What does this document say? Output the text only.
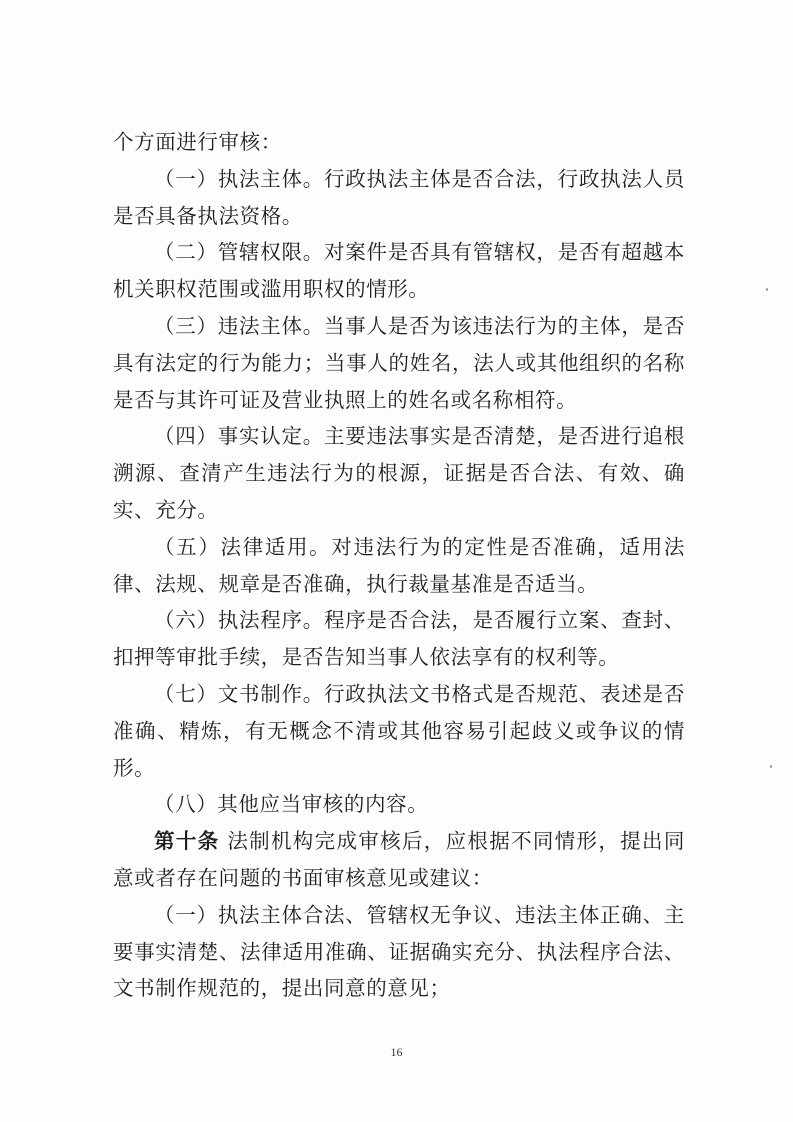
个方面进行审核：

（一）执法主体。行政执法主体是否合法，行政执法人员是否具备执法资格。

（二）管辖权限。对案件是否具有管辖权，是否有超越本机关职权范围或滥用职权的情形。

（三）违法主体。当事人是否为该违法行为的主体，是否具有法定的行为能力；当事人的姓名，法人或其他组织的名称是否与其许可证及营业执照上的姓名或名称相符。

（四）事实认定。主要违法事实是否清楚，是否进行追根溯源、查清产生违法行为的根源，证据是否合法、有效、确实、充分。

（五）法律适用。对违法行为的定性是否准确，适用法律、法规、规章是否准确，执行裁量基准是否适当。

（六）执法程序。程序是否合法，是否履行立案、查封、扣押等审批手续，是否告知当事人依法享有的权利等。

（七）文书制作。行政执法文书格式是否规范、表述是否准确、精炼，有无概念不清或其他容易引起歧义或争议的情形。

（八）其他应当审核的内容。

第十条 法制机构完成审核后，应根据不同情形，提出同意或者存在问题的书面审核意见或建议：

（一）执法主体合法、管辖权无争议、违法主体正确、主要事实清楚、法律适用准确、证据确实充分、执法程序合法、文书制作规范的，提出同意的意见；

16
